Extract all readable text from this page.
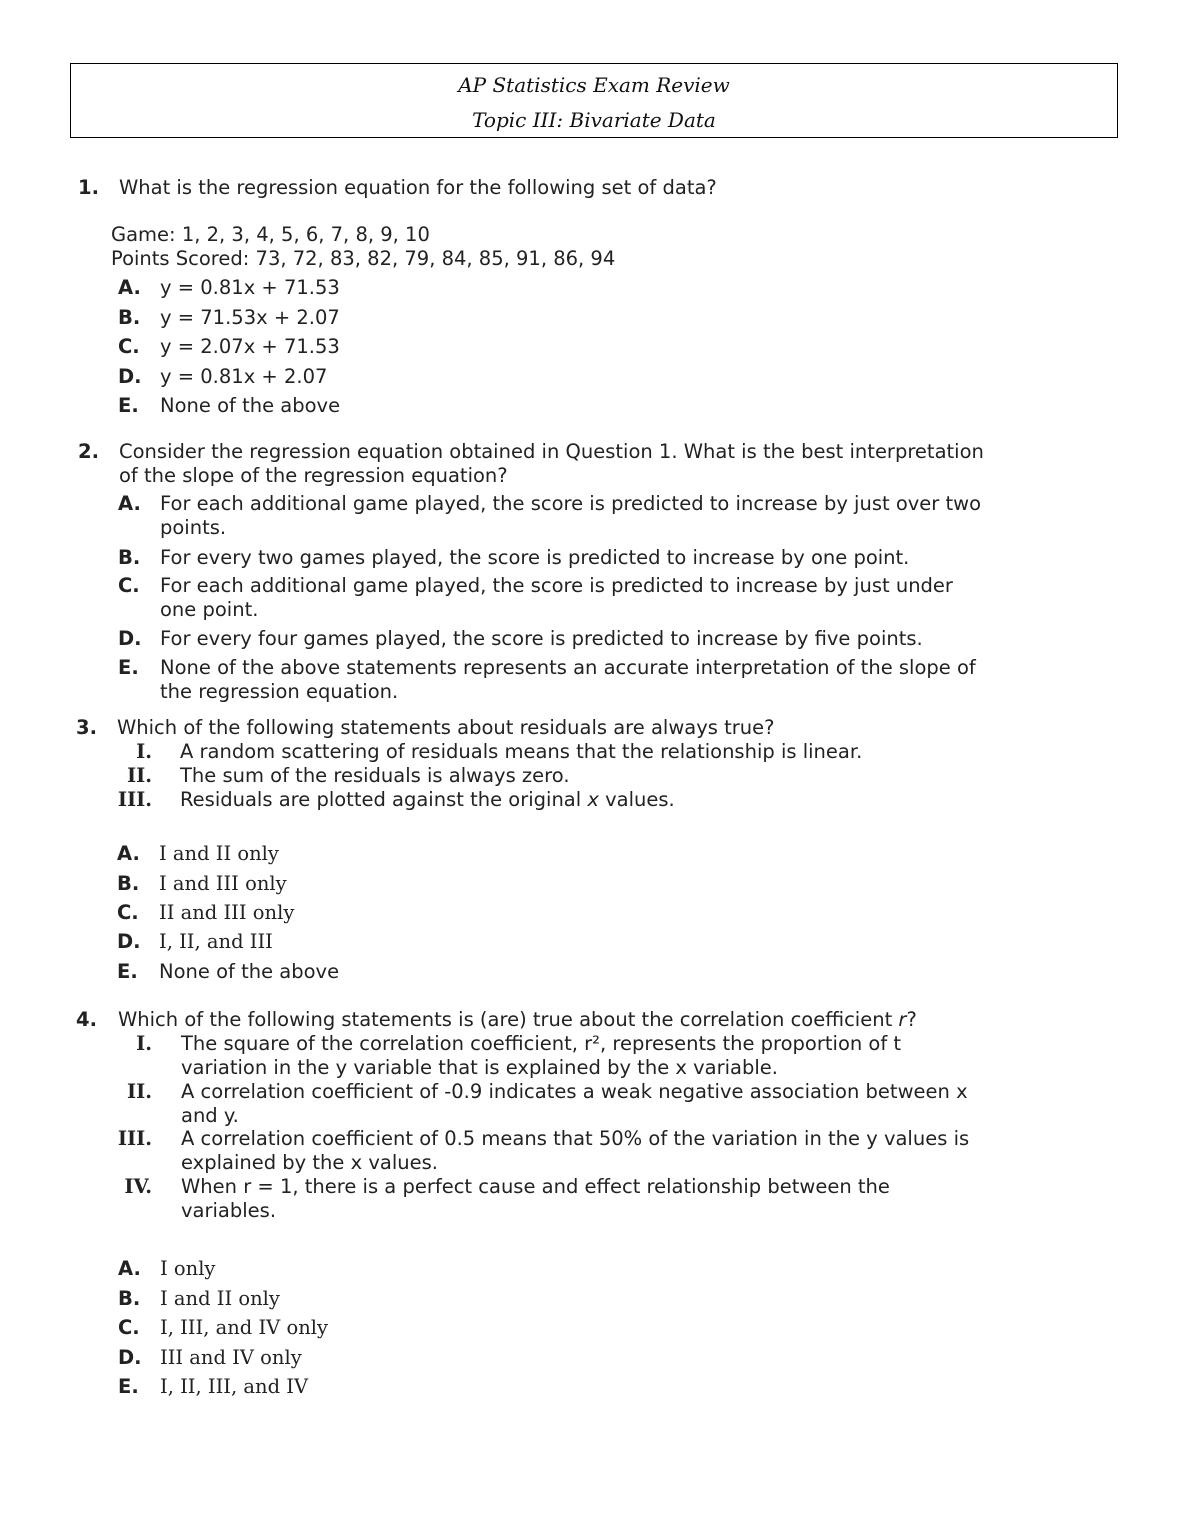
AP Statistics Exam Review
Topic III: Bivariate Data
1. What is the regression equation for the following set of data?
Game: 1, 2, 3, 4, 5, 6, 7, 8, 9, 10
Points Scored: 73, 72, 83, 82, 79, 84, 85, 91, 86, 94
A. y = 0.81x + 71.53
B. y = 71.53x + 2.07
C. y = 2.07x + 71.53
D. y = 0.81x + 2.07
E. None of the above
2. Consider the regression equation obtained in Question 1. What is the best interpretation
of the slope of the regression equation?
A. For each additional game played, the score is predicted to increase by just over two
points.
B. For every two games played, the score is predicted to increase by one point.
C. For each additional game played, the score is predicted to increase by just under
one point.
D. For every four games played, the score is predicted to increase by five points.
E. None of the above statements represents an accurate interpretation of the slope of
the regression equation.
3. Which of the following statements about residuals are always true?
I. A random scattering of residuals means that the relationship is linear.
II. The sum of the residuals is always zero.
III. Residuals are plotted against the original x values.
A. I and II only
B. I and III only
C. II and III only
D. I, II, and III
E. None of the above
4. Which of the following statements is (are) true about the correlation coefficient r?
I. The square of the correlation coefficient, r², represents the proportion of t
variation in the y variable that is explained by the x variable.
II. A correlation coefficient of -0.9 indicates a weak negative association between x
and y.
III. A correlation coefficient of 0.5 means that 50% of the variation in the y values is
explained by the x values.
IV. When r = 1, there is a perfect cause and effect relationship between the
variables.
A. I only
B. I and II only
C. I, III, and IV only
D. III and IV only
E. I, II, III, and IV
